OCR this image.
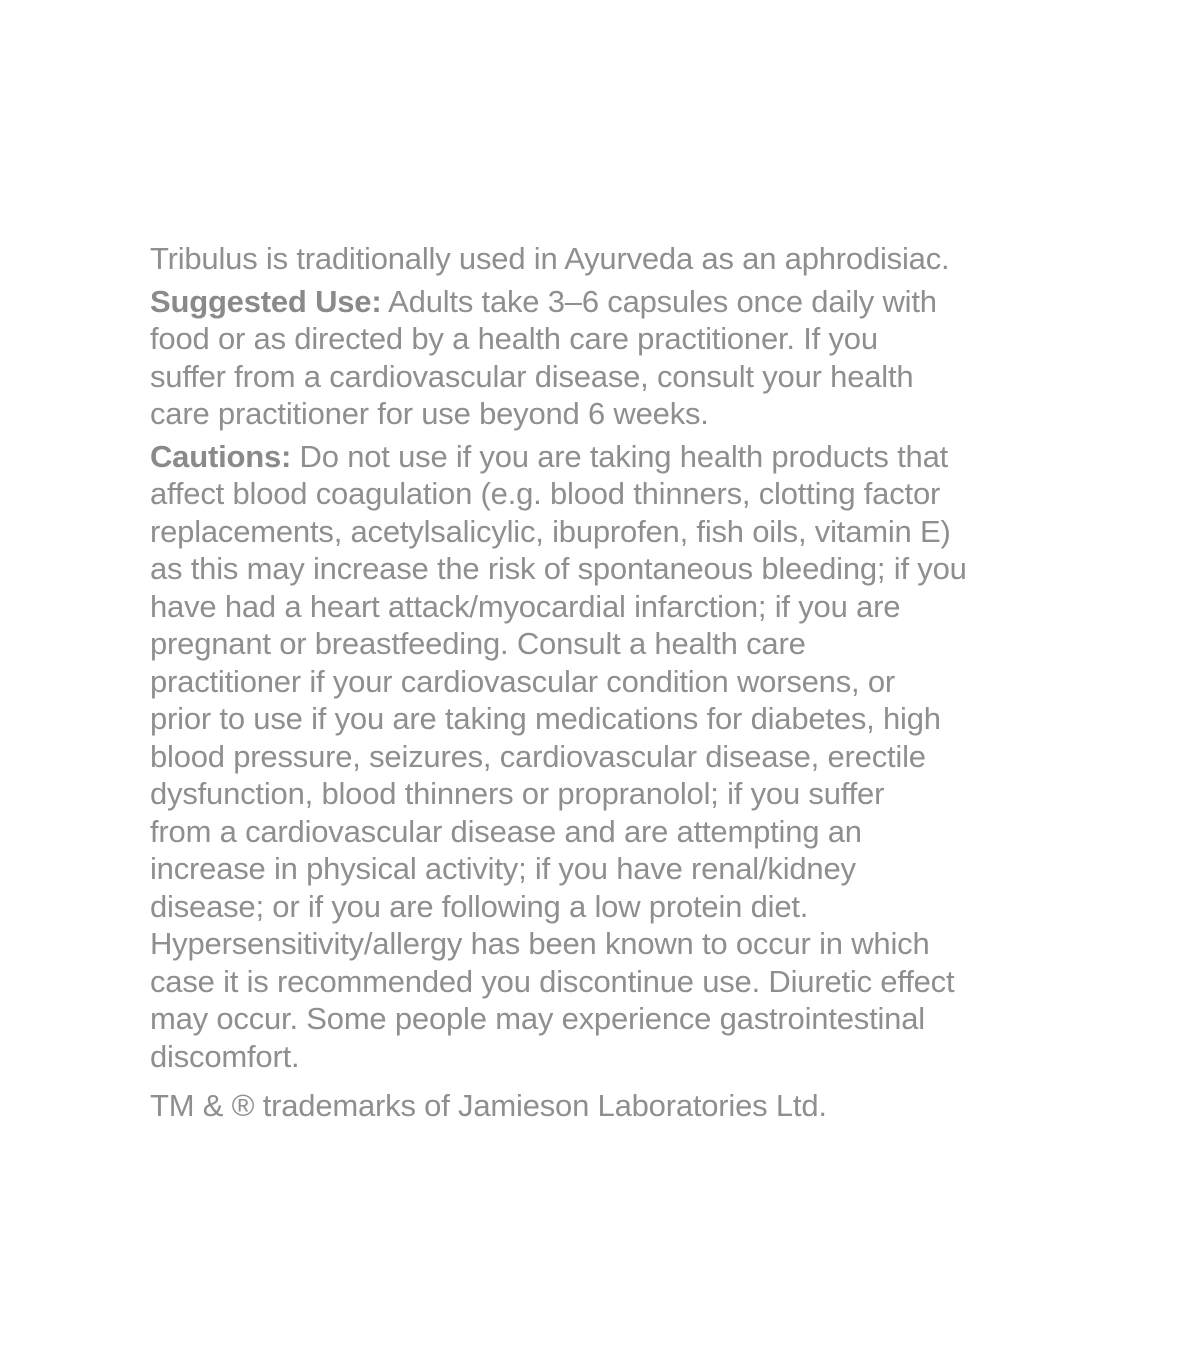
Tribulus is traditionally used in Ayurveda as an aphrodisiac.

Suggested Use: Adults take 3–6 capsules once daily with
food or as directed by a health care practitioner. If you
suffer from a cardiovascular disease, consult your health
care practitioner for use beyond 6 weeks.

Cautions: Do not use if you are taking health products that
affect blood coagulation (e.g. blood thinners, clotting factor
replacements, acetylsalicylic, ibuprofen, fish oils, vitamin E)
as this may increase the risk of spontaneous bleeding; if you
have had a heart attack/myocardial infarction; if you are
pregnant or breastfeeding. Consult a health care
practitioner if your cardiovascular condition worsens, or
prior to use if you are taking medications for diabetes, high
blood pressure, seizures, cardiovascular disease, erectile
dysfunction, blood thinners or propranolol; if you suffer
from a cardiovascular disease and are attempting an
increase in physical activity; if you have renal/kidney
disease; or if you are following a low protein diet.
Hypersensitivity/allergy has been known to occur in which
case it is recommended you discontinue use. Diuretic effect
may occur. Some people may experience gastrointestinal
discomfort.

TM & ® trademarks of Jamieson Laboratories Ltd.
